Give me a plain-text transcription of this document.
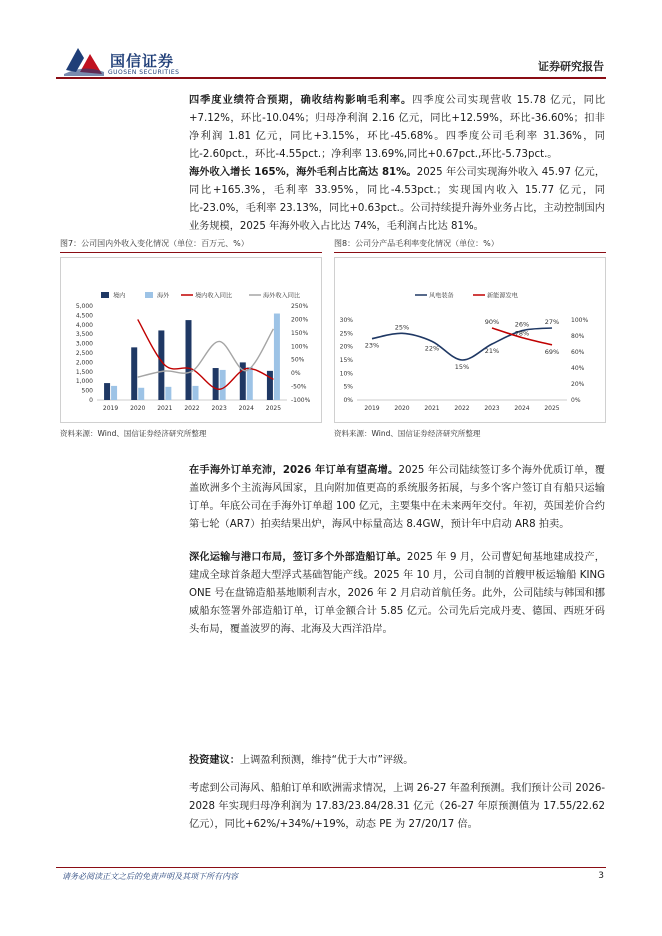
国信证券
GUOSEN SECURITIES	证券研究报告
四季度业绩符合预期，确收结构影响毛利率。四季度公司实现营收 15.78 亿元，同比+7.12%，环比-10.04%；归母净利润 2.16 亿元，同比+12.59%，环比-36.60%；扣非净利润 1.81 亿元，同比+3.15%，环比-45.68%。四季度公司毛利率 31.36%，同比-2.60pct.，环比-4.55pct.；净利率 13.69%,同比+0.67pct.,环比-5.73pct.。
海外收入增长 165%，海外毛利占比高达 81%。2025 年公司实现海外收入 45.97 亿元，同比+165.3%，毛利率 33.95%，同比-4.53pct.；实现国内收入 15.77 亿元，同比-23.0%，毛利率 23.13%，同比+0.63pct.。公司持续提升海外业务占比，主动控制国内业务规模，2025 年海外收入占比达 74%，毛利润占比达 81%。
图7：公司国内外收入变化情况（单位：百万元、%）
境内	海外	境内收入同比	海外收入同比
5,000
4,500
4,000
3,500
3,000
2,500
2,000
1,500
1,000
500
0
250%
200%
150%
100%
50%
0%
-50%
-100%
2019 2020 2021 2022 2023 2024 2025
资料来源：Wind、国信证券经济研究所整理
图8：公司分产品毛利率变化情况（单位：%）
风电装备	新能源发电
30%
25%
20%
15%
10%
5%
0%
100%
80%
60%
40%
20%
0%
23%
25%
22%
15%
21%
26% 27%
90%
78%
69%
2019 2020 2021 2022 2023 2024 2025
资料来源：Wind、国信证券经济研究所整理
在手海外订单充沛，2026 年订单有望高增。2025 年公司陆续签订多个海外优质订单，覆盖欧洲多个主流海风国家，且向附加值更高的系统服务拓展，与多个客户签订自有船只运输订单。年底公司在手海外订单超 100 亿元，主要集中在未来两年交付。年初，英国差价合约第七轮（AR7）拍卖结果出炉，海风中标量高达 8.4GW，预计年中启动 AR8 拍卖。
深化运输与港口布局，签订多个外部造船订单。2025 年 9 月，公司曹妃甸基地建成投产，建成全球首条超大型浮式基础智能产线。2025 年 10 月，公司自制的首艘甲板运输船 KING ONE 号在盘锦造船基地顺利吉水，2026 年 2 月启动首航任务。此外，公司陆续与韩国和挪威船东签署外部造船订单，订单金额合计 5.85 亿元。公司先后完成丹麦、德国、西班牙码头布局，覆盖波罗的海、北海及大西洋沿岸。
投资建议：上调盈利预测，维持“优于大市”评级。
考虑到公司海风、船舶订单和欧洲需求情况，上调 26-27 年盈利预测。我们预计公司 2026-2028 年实现归母净利润为 17.83/23.84/28.31 亿元（26-27 年原预测值为 17.55/22.62 亿元），同比+62%/+34%/+19%，动态 PE 为 27/20/17 倍。
请务必阅读正文之后的免责声明及其项下所有内容	3
